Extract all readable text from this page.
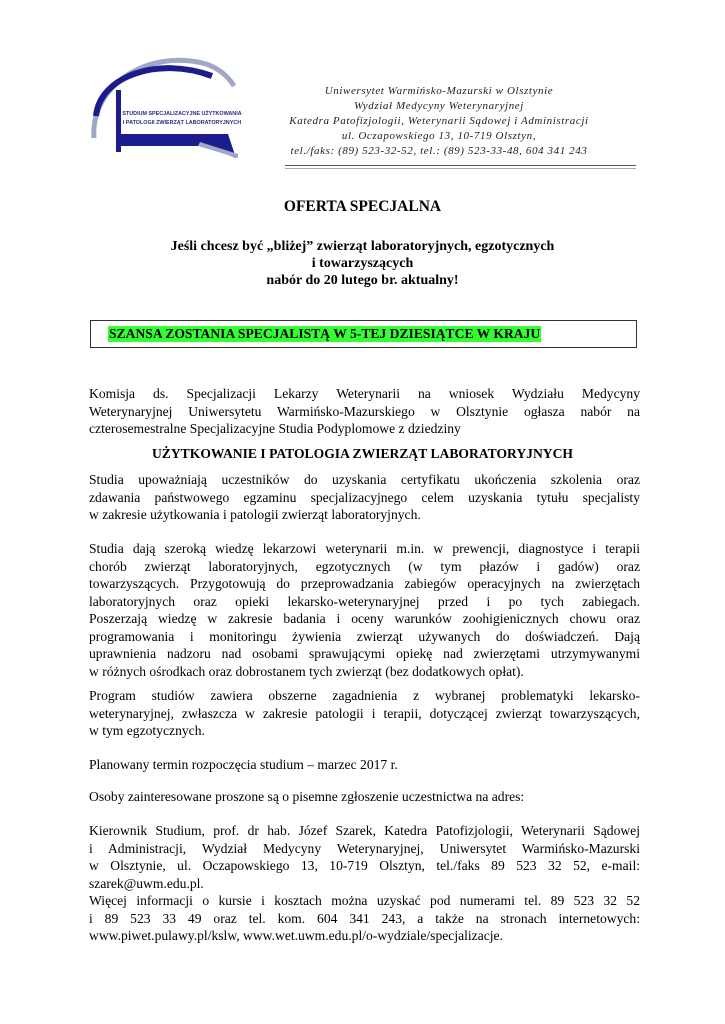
STUDIUM SPECJALIZACYJNE UŻYTKOWANIA
I PATOLOGII ZWIERZĄT LABORATORYJNYCH
Uniwersytet Warmińsko-Mazurski w Olsztynie
Wydział Medycyny Weterynaryjnej
Katedra Patofizjologii, Weterynarii Sądowej i Administracji
ul. Oczapowskiego 13, 10-719 Olsztyn,
tel./faks: (89) 523-32-52, tel.: (89) 523-33-48, 604 341 243
OFERTA SPECJALNA
Jeśli chcesz być „bliżej” zwierząt laboratoryjnych, egzotycznych
i towarzyszących
nabór do 20 lutego br. aktualny!
SZANSA ZOSTANIA SPECJALISTĄ W 5-TEJ DZIESIĄTCE W KRAJU
Komisja ds. Specjalizacji Lekarzy Weterynarii na wniosek Wydziału Medycyny
Weterynaryjnej Uniwersytetu Warmińsko-Mazurskiego w Olsztynie ogłasza nabór na
czterosemestralne Specjalizacyjne Studia Podyplomowe z dziedziny
UŻYTKOWANIE I PATOLOGIA ZWIERZĄT LABORATORYJNYCH
Studia upoważniają uczestników do uzyskania certyfikatu ukończenia szkolenia oraz
zdawania państwowego egzaminu specjalizacyjnego celem uzyskania tytułu specjalisty
w zakresie użytkowania i patologii zwierząt laboratoryjnych.
Studia dają szeroką wiedzę lekarzowi weterynarii m.in. w prewencji, diagnostyce i terapii
chorób zwierząt laboratoryjnych, egzotycznych (w tym płazów i gadów) oraz
towarzyszących. Przygotowują do przeprowadzania zabiegów operacyjnych na zwierzętach
laboratoryjnych oraz opieki lekarsko-weterynaryjnej przed i po tych zabiegach.
Poszerzają wiedzę w zakresie badania i oceny warunków zoohigienicznych chowu oraz
programowania i monitoringu żywienia zwierząt używanych do doświadczeń. Dają
uprawnienia nadzoru nad osobami sprawującymi opiekę nad zwierzętami utrzymywanymi
w różnych ośrodkach oraz dobrostanem tych zwierząt (bez dodatkowych opłat).
Program studiów zawiera obszerne zagadnienia z wybranej problematyki lekarsko-
weterynaryjnej, zwłaszcza w zakresie patologii i terapii, dotyczącej zwierząt towarzyszących,
w tym egzotycznych.
Planowany termin rozpoczęcia studium – marzec 2017 r.
Osoby zainteresowane proszone są o pisemne zgłoszenie uczestnictwa na adres:
Kierownik Studium, prof. dr hab. Józef Szarek, Katedra Patofizjologii, Weterynarii Sądowej
i Administracji, Wydział Medycyny Weterynaryjnej, Uniwersytet Warmińsko-Mazurski
w Olsztynie, ul. Oczapowskiego 13, 10-719 Olsztyn, tel./faks 89 523 32 52, e-mail:
szarek@uwm.edu.pl.
Więcej informacji o kursie i kosztach można uzyskać pod numerami tel. 89 523 32 52
i 89 523 33 49 oraz tel. kom. 604 341 243, a także na stronach internetowych:
www.piwet.pulawy.pl/kslw, www.wet.uwm.edu.pl/o-wydziale/specjalizacje.
